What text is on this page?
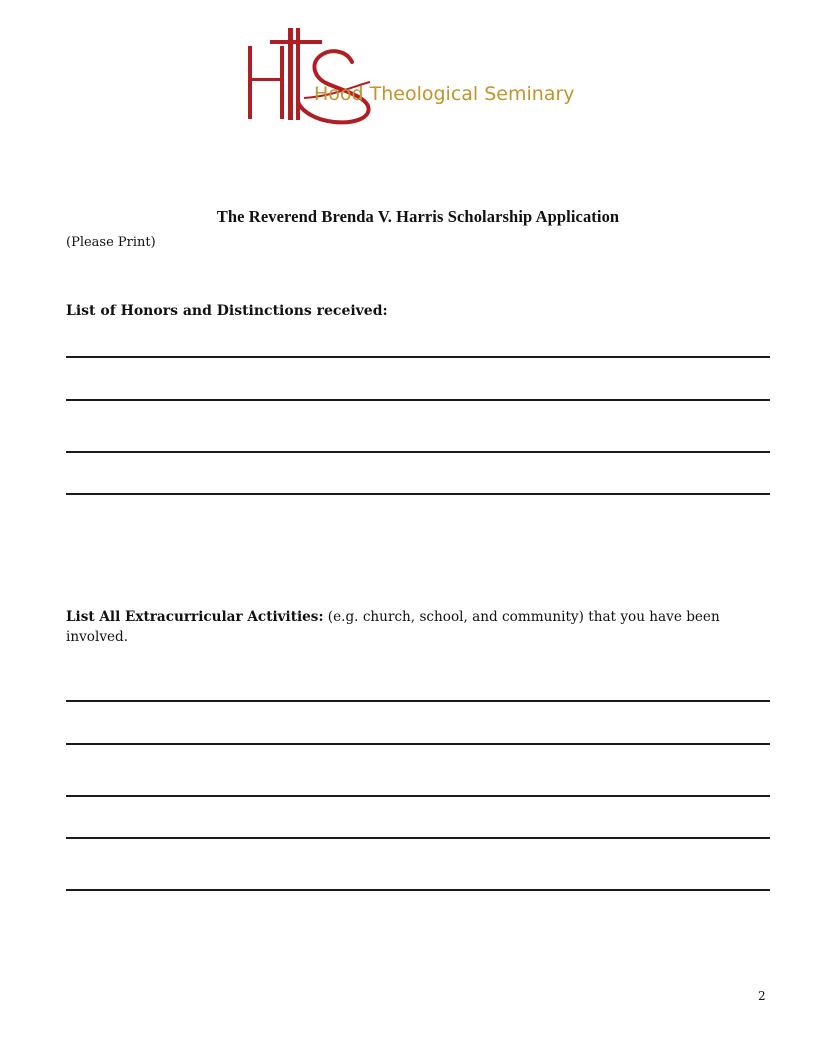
Hood Theological Seminary
The Reverend Brenda V. Harris Scholarship Application
(Please Print)
List of Honors and Distinctions received:
List All Extracurricular Activities: (e.g. church, school, and community) that you have been involved.
2
